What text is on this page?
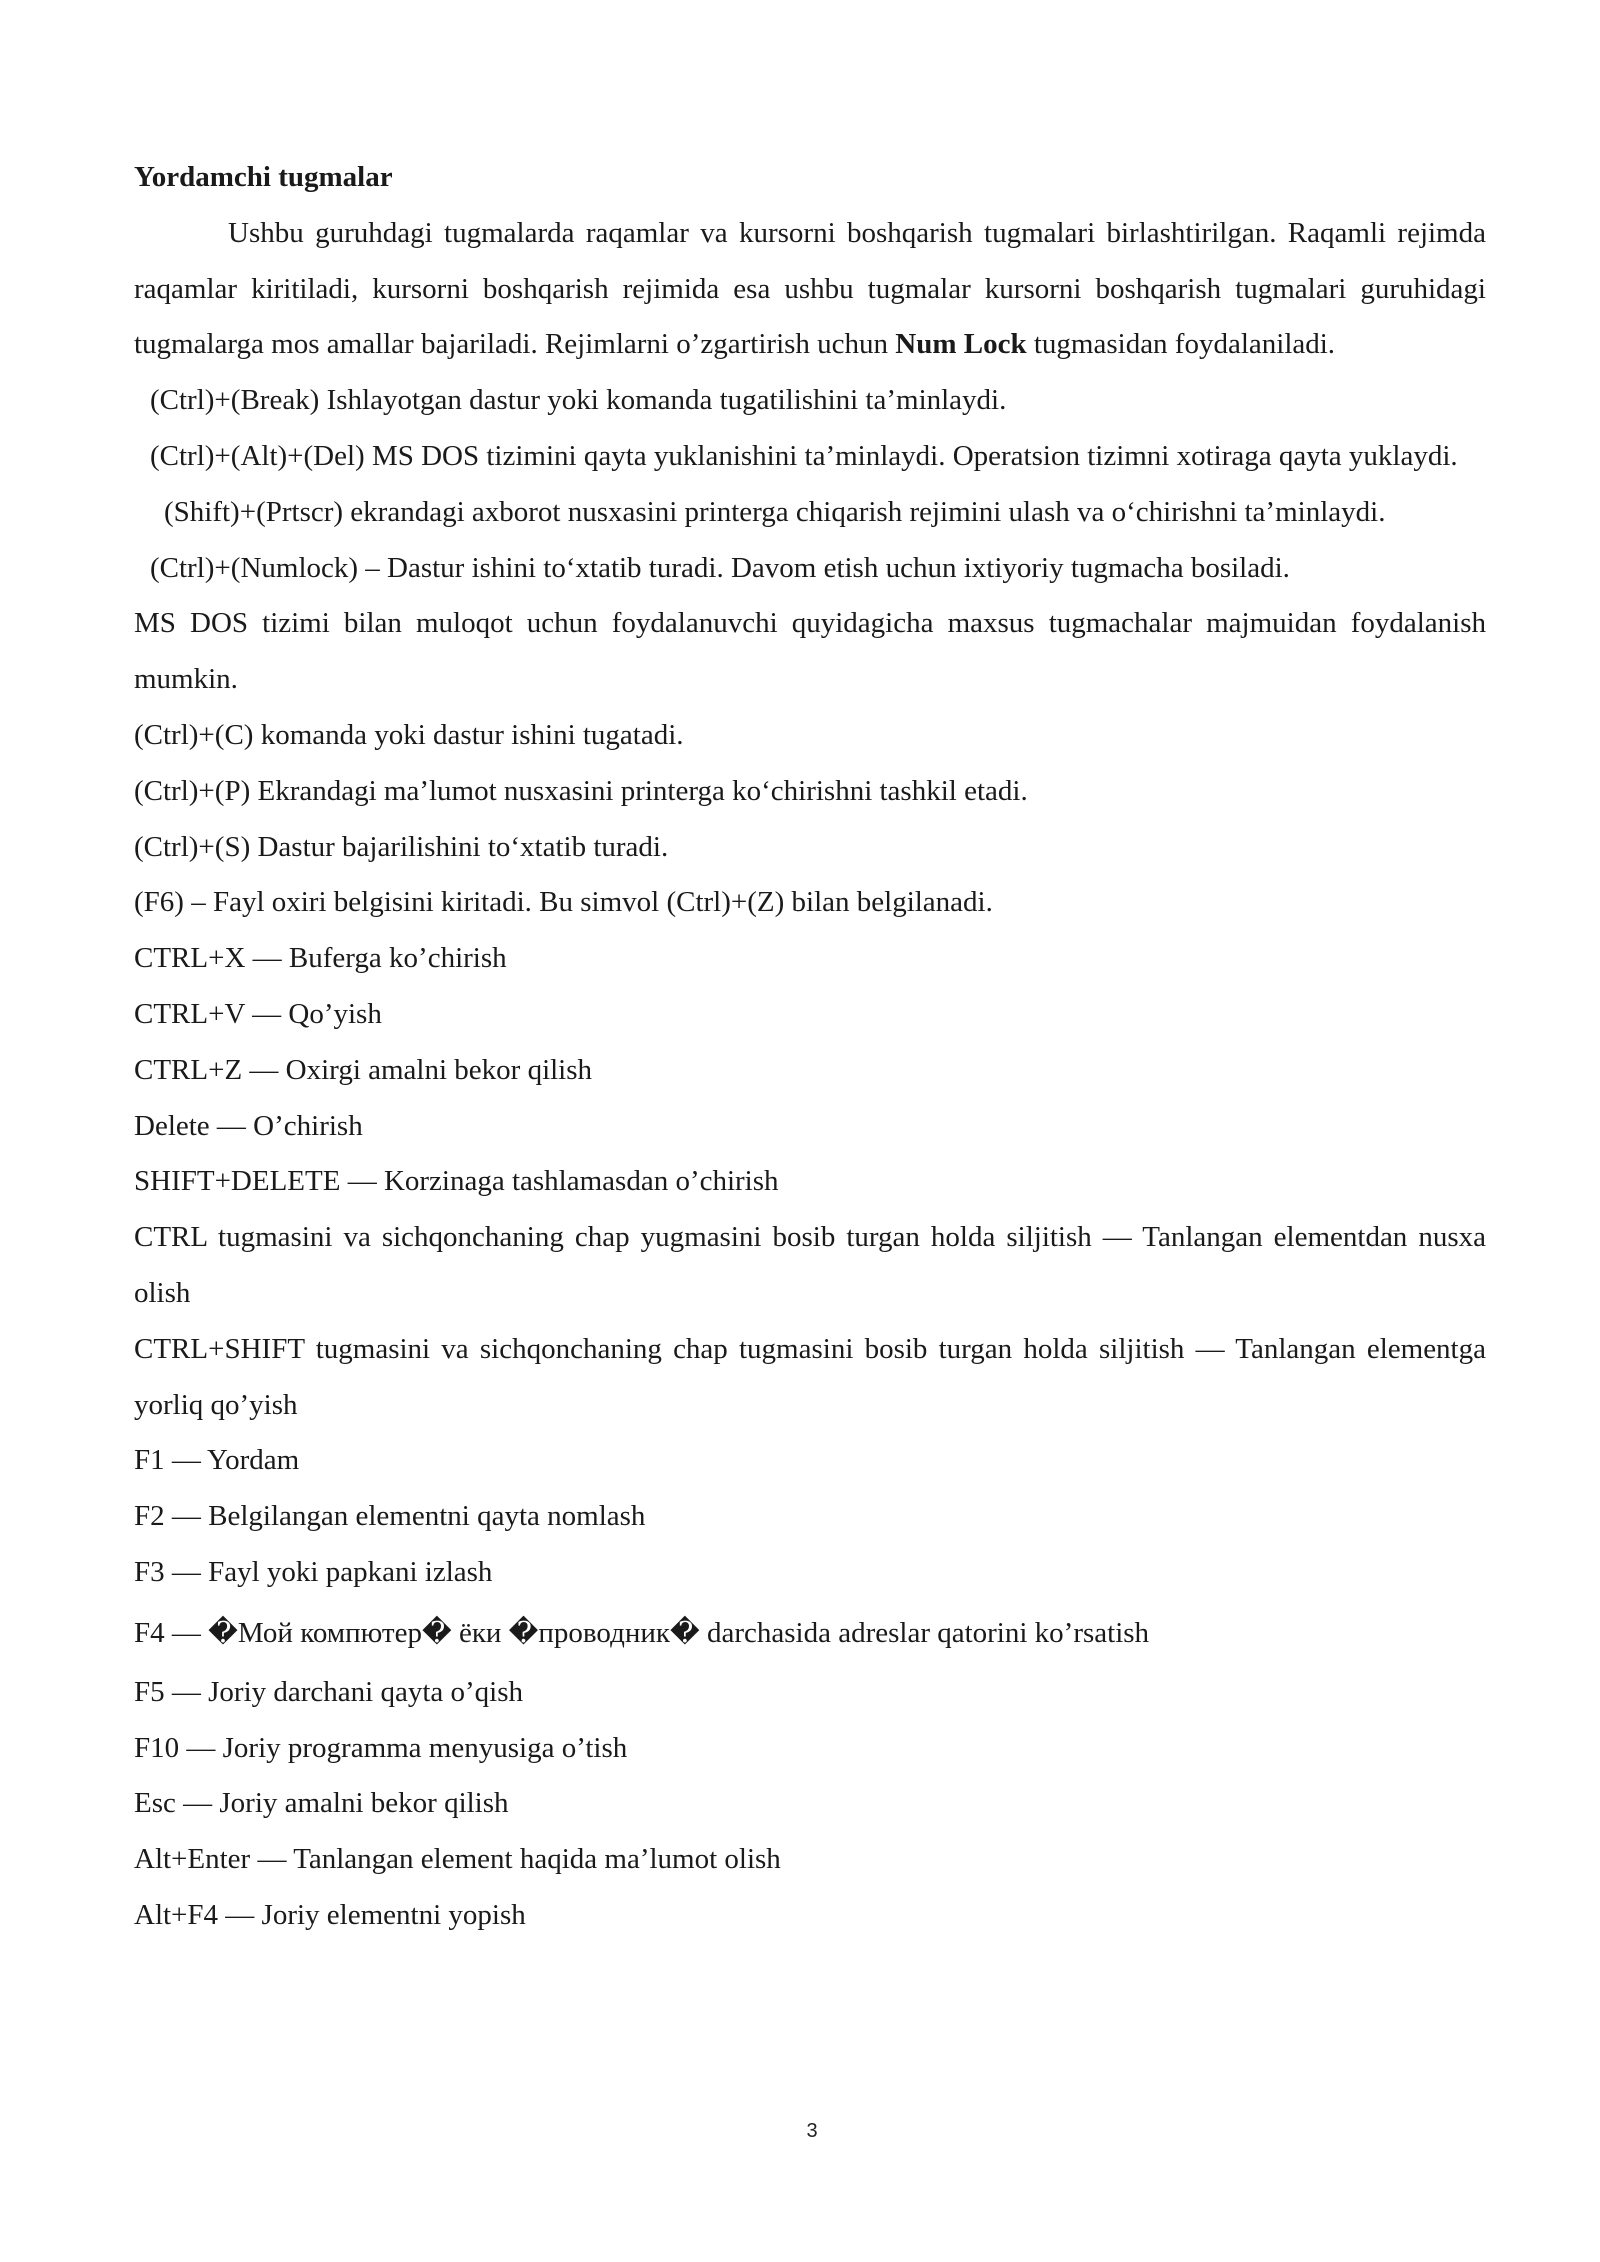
Yordamchi tugmalar

Ushbu guruhdagi tugmalarda raqamlar va kursorni boshqarish tugmalari birlashtirilgan. Raqamli rejimda raqamlar kiritiladi, kursorni boshqarish rejimida esa ushbu tugmalar kursorni boshqarish tugmalari guruhidagi tugmalarga mos amallar bajariladi. Rejimlarni o’zgartirish uchun Num Lock tugmasidan foydalaniladi.

(Ctrl)+(Break) Ishlayotgan dastur yoki komanda tugatilishini ta’minlaydi.

(Ctrl)+(Alt)+(Del) MS DOS tizimini qayta yuklanishini ta’minlaydi. Operatsion tizimni xotiraga qayta yuklaydi.

(Shift)+(Prtscr) ekrandagi axborot nusxasini printerga chiqarish rejimini ulash va o‘chirishni ta’minlaydi.

(Ctrl)+(Numlock) – Dastur ishini to‘xtatib turadi. Davom etish uchun ixtiyoriy tugmacha bosiladi.

MS DOS tizimi bilan muloqot uchun foydalanuvchi quyidagicha maxsus tugmachalar majmuidan foydalanish mumkin.

(Ctrl)+(C) komanda yoki dastur ishini tugatadi.

(Ctrl)+(P) Ekrandagi ma’lumot nusxasini printerga ko‘chirishni tashkil etadi.

(Ctrl)+(S) Dastur bajarilishini to‘xtatib turadi.

(F6) – Fayl oxiri belgisini kiritadi. Bu simvol (Ctrl)+(Z) bilan belgilanadi.

CTRL+X — Buferga ko’chirish

CTRL+V — Qo’yish

CTRL+Z — Oxirgi amalni bekor qilish

Delete — O’chirish

SHIFT+DELETE — Korzinaga tashlamasdan o’chirish

CTRL tugmasini va sichqonchaning chap yugmasini bosib turgan holda siljitish — Tanlangan elementdan nusxa olish

CTRL+SHIFT tugmasini va sichqonchaning chap tugmasini bosib turgan holda siljitish — Tanlangan elementga yorliq qo’yish

F1 — Yordam

F2 — Belgilangan elementni qayta nomlash

F3 — Fayl yoki papkani izlash

F4 — �Мой компютер� ёки �проводник� darchasida adreslar qatorini ko’rsatish

F5 — Joriy darchani qayta o’qish

F10 — Joriy programma menyusiga o’tish

Esc — Joriy amalni bekor qilish

Alt+Enter — Tanlangan element haqida ma’lumot olish

Alt+F4 — Joriy elementni yopish

3
